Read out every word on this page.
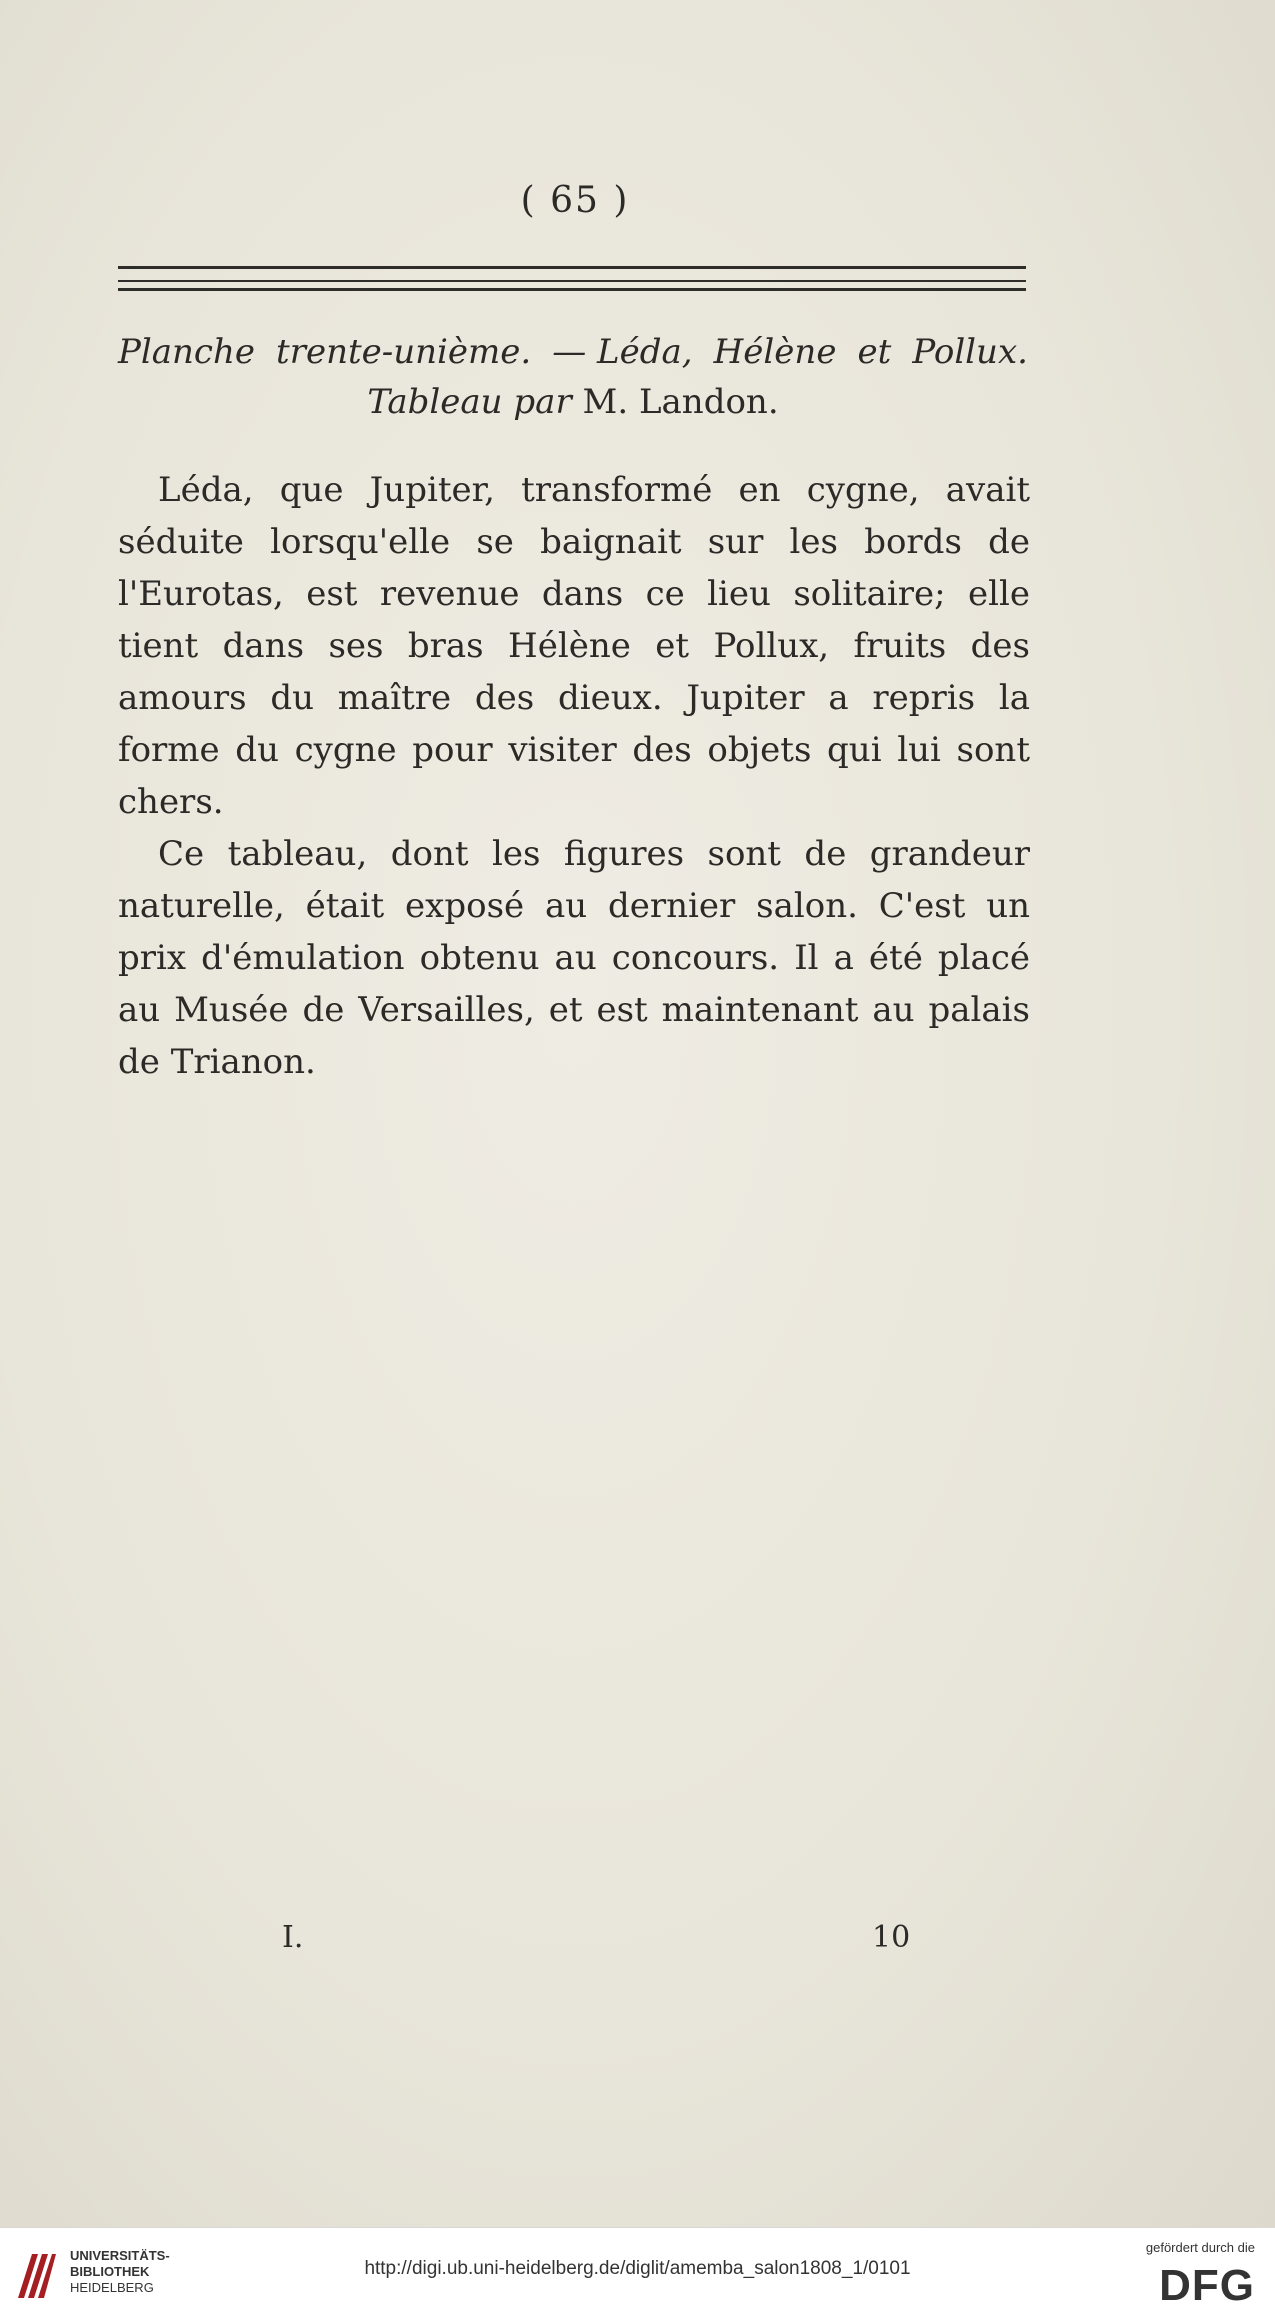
( 65 )
Planche trente-unième. — Léda, Hélène et Pollux.
Tableau par M. Landon.

Léda, que Jupiter, transformé en cygne, avait séduite lorsqu'elle se baignait sur les bords de l'Eurotas, est revenue dans ce lieu solitaire; elle tient dans ses bras Hélène et Pollux, fruits des amours du maître des dieux. Jupiter a repris la forme du cygne pour visiter des objets qui lui sont chers.

Ce tableau, dont les figures sont de grandeur naturelle, était exposé au dernier salon. C'est un prix d'émulation obtenu au concours. Il a été placé au Musée de Versailles, et est maintenant au palais de Trianon.

I.	10
UNIVERSITÄTS-
BIBLIOTHEK
HEIDELBERG
http://digi.ub.uni-heidelberg.de/diglit/amemba_salon1808_1/0101
gefördert durch die
DFG
